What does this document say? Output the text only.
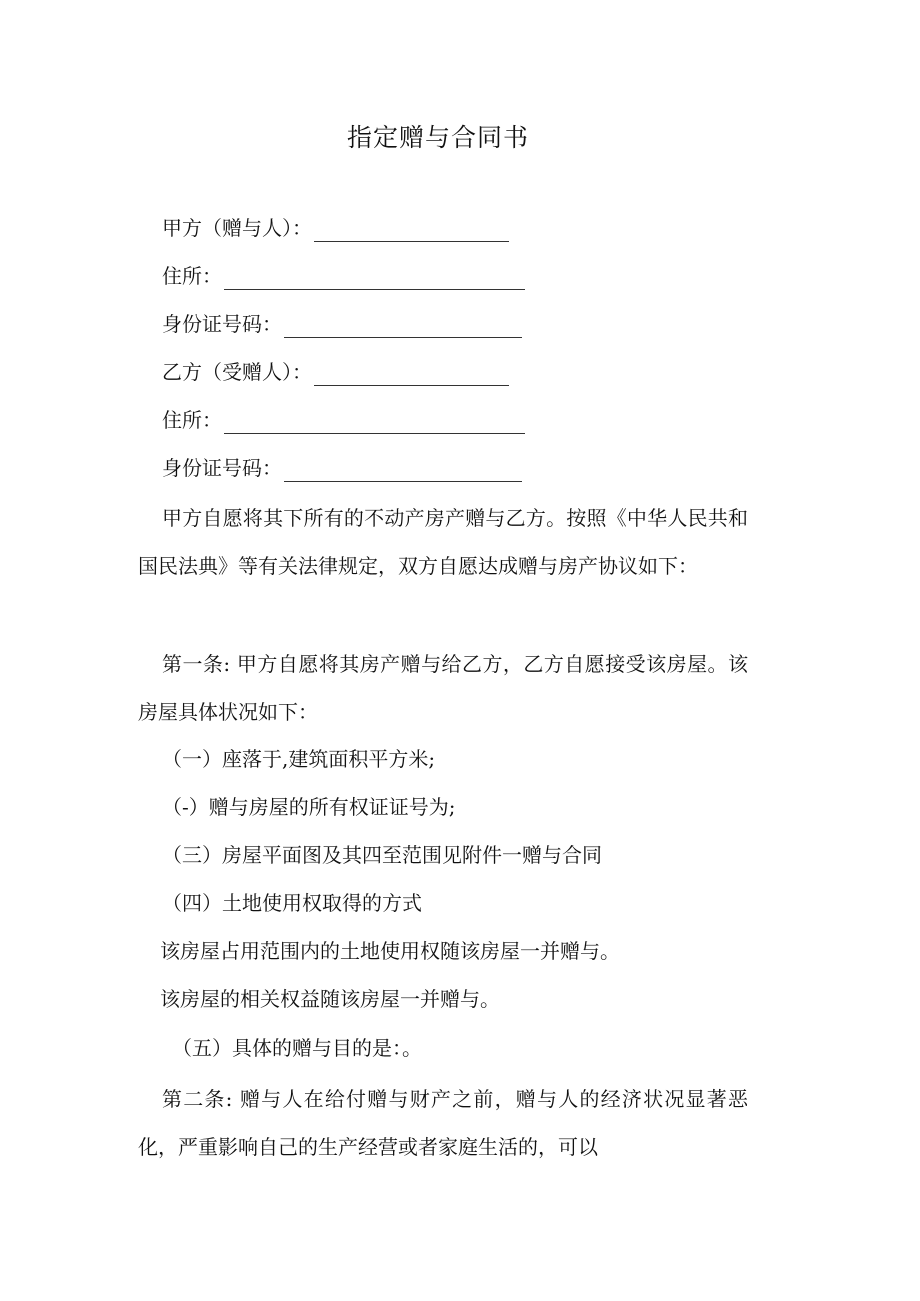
指定赠与合同书
甲方（赠与人）：
住所：
身份证号码：
乙方（受赠人）：
住所：
身份证号码：
甲方自愿将其下所有的不动产房产赠与乙方。按照《中华人民共和国民法典》等有关法律规定，双方自愿达成赠与房产协议如下：
第一条: 甲方自愿将其房产赠与给乙方，乙方自愿接受该房屋。该房屋具体状况如下：
（一）座落于,建筑面积平方米;
（-）赠与房屋的所有权证证号为;
（三）房屋平面图及其四至范围见附件一赠与合同
（四）土地使用权取得的方式
该房屋占用范围内的土地使用权随该房屋一并赠与。
该房屋的相关权益随该房屋一并赠与。
（五）具体的赠与目的是：。
第二条: 赠与人在给付赠与财产之前，赠与人的经济状况显著恶化，严重影响自己的生产经营或者家庭生活的，可以
